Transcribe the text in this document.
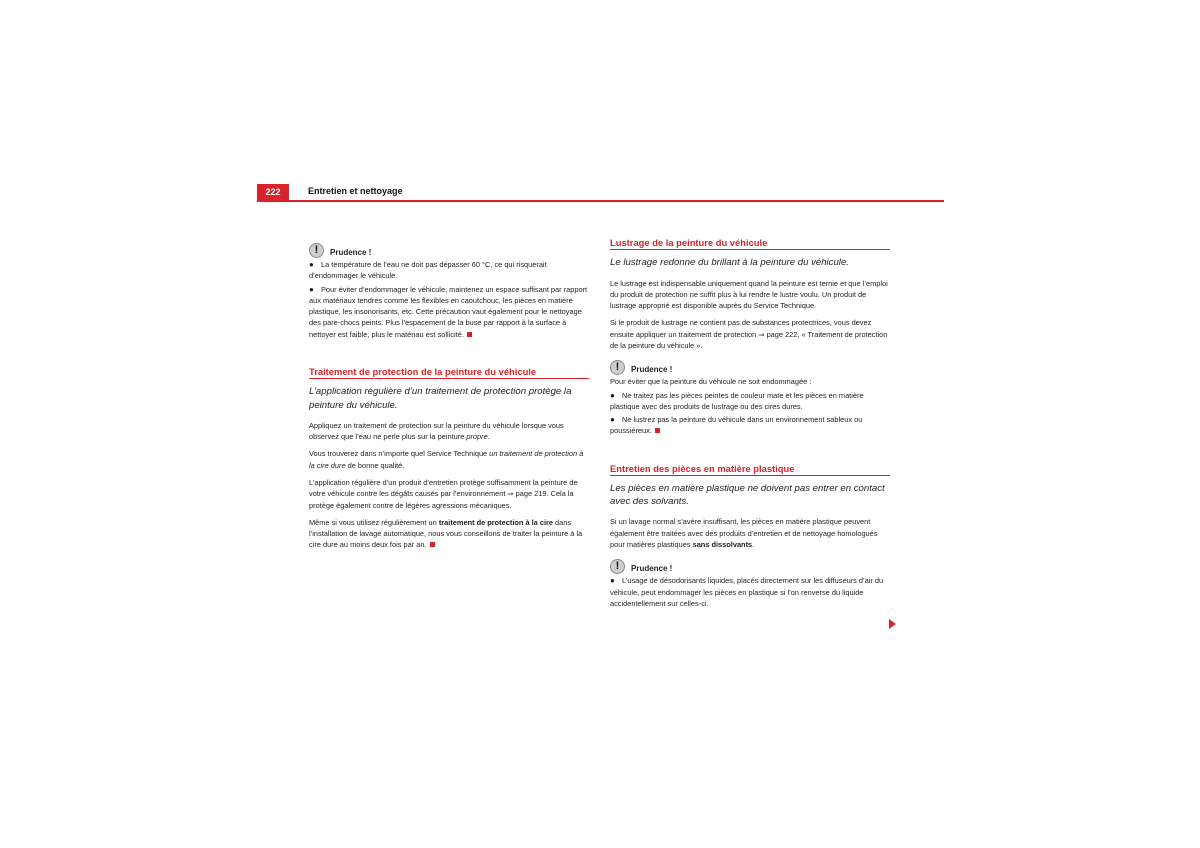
222	Entretien et nettoyage
!	Prudence !
● La température de l’eau ne doit pas dépasser 60 °C, ce qui risquerait d’endommager le véhicule.
● Pour éviter d’endommager le véhicule, maintenez un espace suffisant par rapport aux matériaux tendres comme les flexibles en caoutchouc, les pièces en matière plastique, les insonorisants, etc. Cette précaution vaut également pour le nettoyage des pare-chocs peints. Plus l’espacement de la buse par rapport à la surface à nettoyer est faible, plus le matériau est sollicité.
Traitement de protection de la peinture du véhicule
L’application régulière d’un traitement de protection protège la peinture du véhicule.

Appliquez un traitement de protection sur la peinture du véhicule lorsque vous observez que l’eau ne perle plus sur la peinture propre.

Vous trouverez dans n’importe quel Service Technique un traitement de protection à la cire dure de bonne qualité.

L’application régulière d’un produit d’entretien protège suffisamment la peinture de votre véhicule contre les dégâts causés par l’environnement ⇒ page 219. Cela la protège également contre de légères agressions mécaniques.

Même si vous utilisez régulièrement un traitement de protection à la cire dans l’installation de lavage automatique, nous vous conseillons de traiter la peinture à la cire dure au moins deux fois par an.

Lustrage de la peinture du véhicule
Le lustrage redonne du brillant à la peinture du véhicule.

Le lustrage est indispensable uniquement quand la peinture est ternie et que l’emploi du produit de protection ne suffit plus à lui rendre le lustre voulu. Un produit de lustrage approprié est disponible auprès du Service Technique.

Si le produit de lustrage ne contient pas de substances protectrices, vous devez ensuite appliquer un traitement de protection ⇒ page 222, « Traitement de protection de la peinture du véhicule ».

!	Prudence !
Pour éviter que la peinture du véhicule ne soit endommagée :
● Ne traitez pas les pièces peintes de couleur mate et les pièces en matière plastique avec des produits de lustrage ou des cires dures.
● Ne lustrez pas la peinture du véhicule dans un environnement sableux ou poussiéreux.
Entretien des pièces en matière plastique
Les pièces en matière plastique ne doivent pas entrer en contact avec des solvants.

Si un lavage normal s’avère insuffisant, les pièces en matière plastique peuvent également être traitées avec des produits d’entretien et de nettoyage homologués pour matières plastiques sans dissolvants.

!	Prudence !
● L’usage de désodorisants liquides, placés directement sur les diffuseurs d’air du véhicule, peut endommager les pièces en plastique si l’on renverse du liquide accidentellement sur celles-ci.
